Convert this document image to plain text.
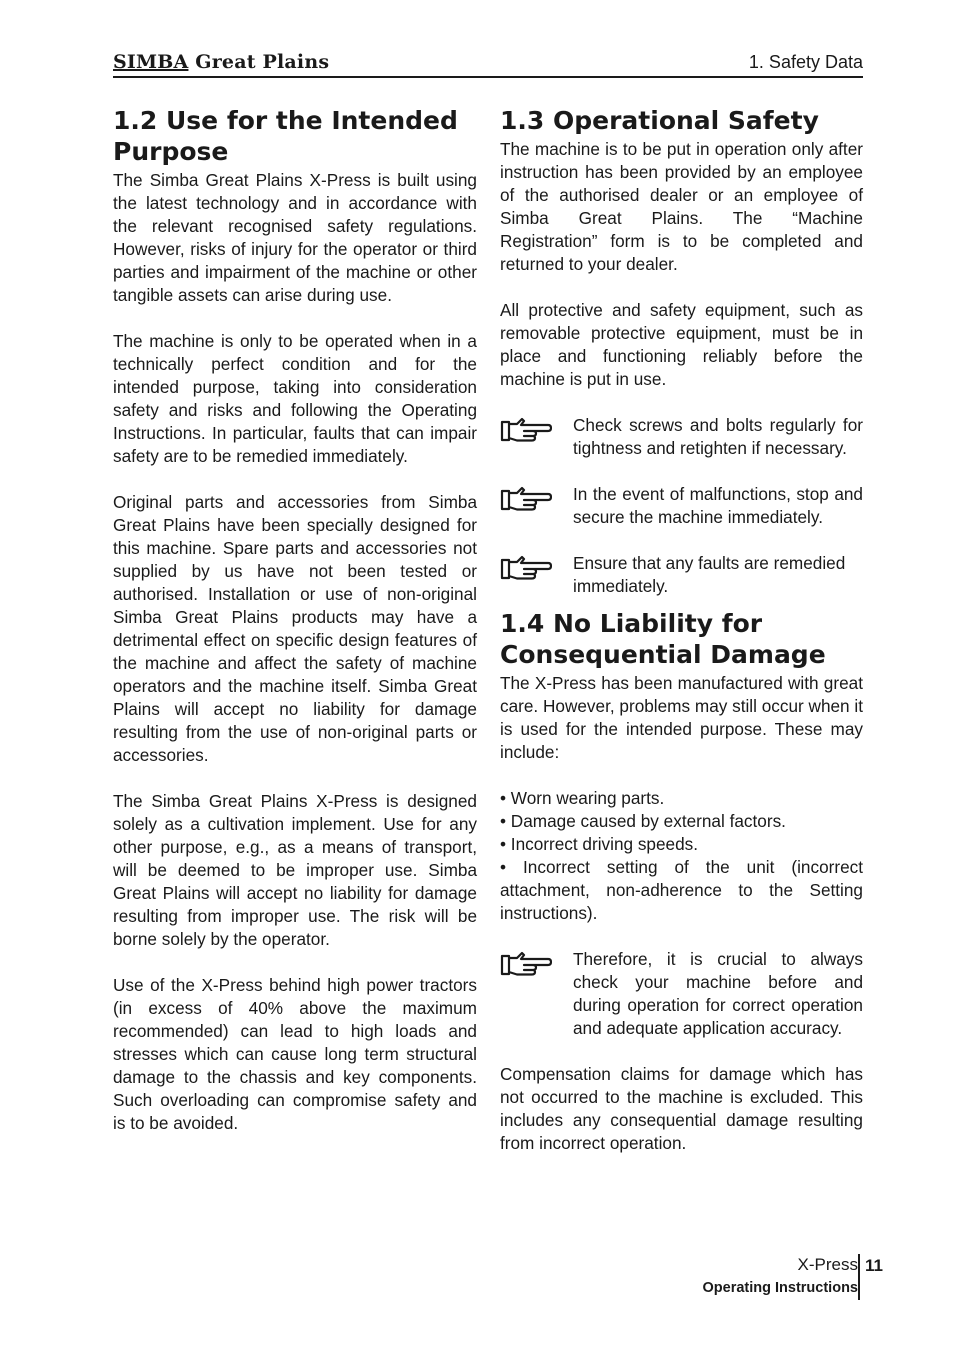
SIMBA Great Plains	1. Safety Data
1.2 Use for the Intended Purpose

The Simba Great Plains X-Press is built using the latest technology and in accordance with the relevant recognised safety regulations. However, risks of injury for the operator or third parties and impairment of the machine or other tangible assets can arise during use.

The machine is only to be operated when in a technically perfect condition and for the intended purpose, taking into consideration safety and risks and following the Operating Instructions. In particular, faults that can impair safety are to be remedied immediately.

Original parts and accessories from Simba Great Plains have been specially designed for this machine. Spare parts and accessories not supplied by us have not been tested or authorised. Installation or use of non-original Simba Great Plains products may have a detrimental effect on specific design features of the machine and affect the safety of machine operators and the machine itself. Simba Great Plains will accept no liability for damage resulting from the use of non-original parts or accessories.

The Simba Great Plains X-Press is designed solely as a cultivation implement. Use for any other purpose, e.g., as a means of transport, will be deemed to be improper use. Simba Great Plains will accept no liability for damage resulting from improper use. The risk will be borne solely by the operator.

Use of the X-Press behind high power tractors (in excess of 40% above the maximum recommended) can lead to high loads and stresses which can cause long term structural damage to the chassis and key components. Such overloading can compromise safety and is to be avoided.

1.3 Operational Safety

The machine is to be put in operation only after instruction has been provided by an employee of the authorised dealer or an employee of Simba Great Plains. The “Machine Registration” form is to be completed and returned to your dealer.

All protective and safety equipment, such as removable protective equipment, must be in place and functioning reliably before the machine is put in use.

Check screws and bolts regularly for tightness and retighten if necessary.

In the event of malfunctions, stop and secure the machine immediately.

Ensure that any faults are remedied immediately.

1.4 No Liability for Consequential Damage

The X-Press has been manufactured with great care. However, problems may still occur when it is used for the intended purpose. These may include:

• Worn wearing parts.
• Damage caused by external factors.
• Incorrect driving speeds.
• Incorrect setting of the unit (incorrect attachment, non-adherence to the Setting instructions).

Therefore, it is crucial to always check your machine before and during operation for correct operation and adequate application accuracy.

Compensation claims for damage which has not occurred to the machine is excluded. This includes any consequential damage resulting from incorrect operation.

X-Press
Operating Instructions
11
